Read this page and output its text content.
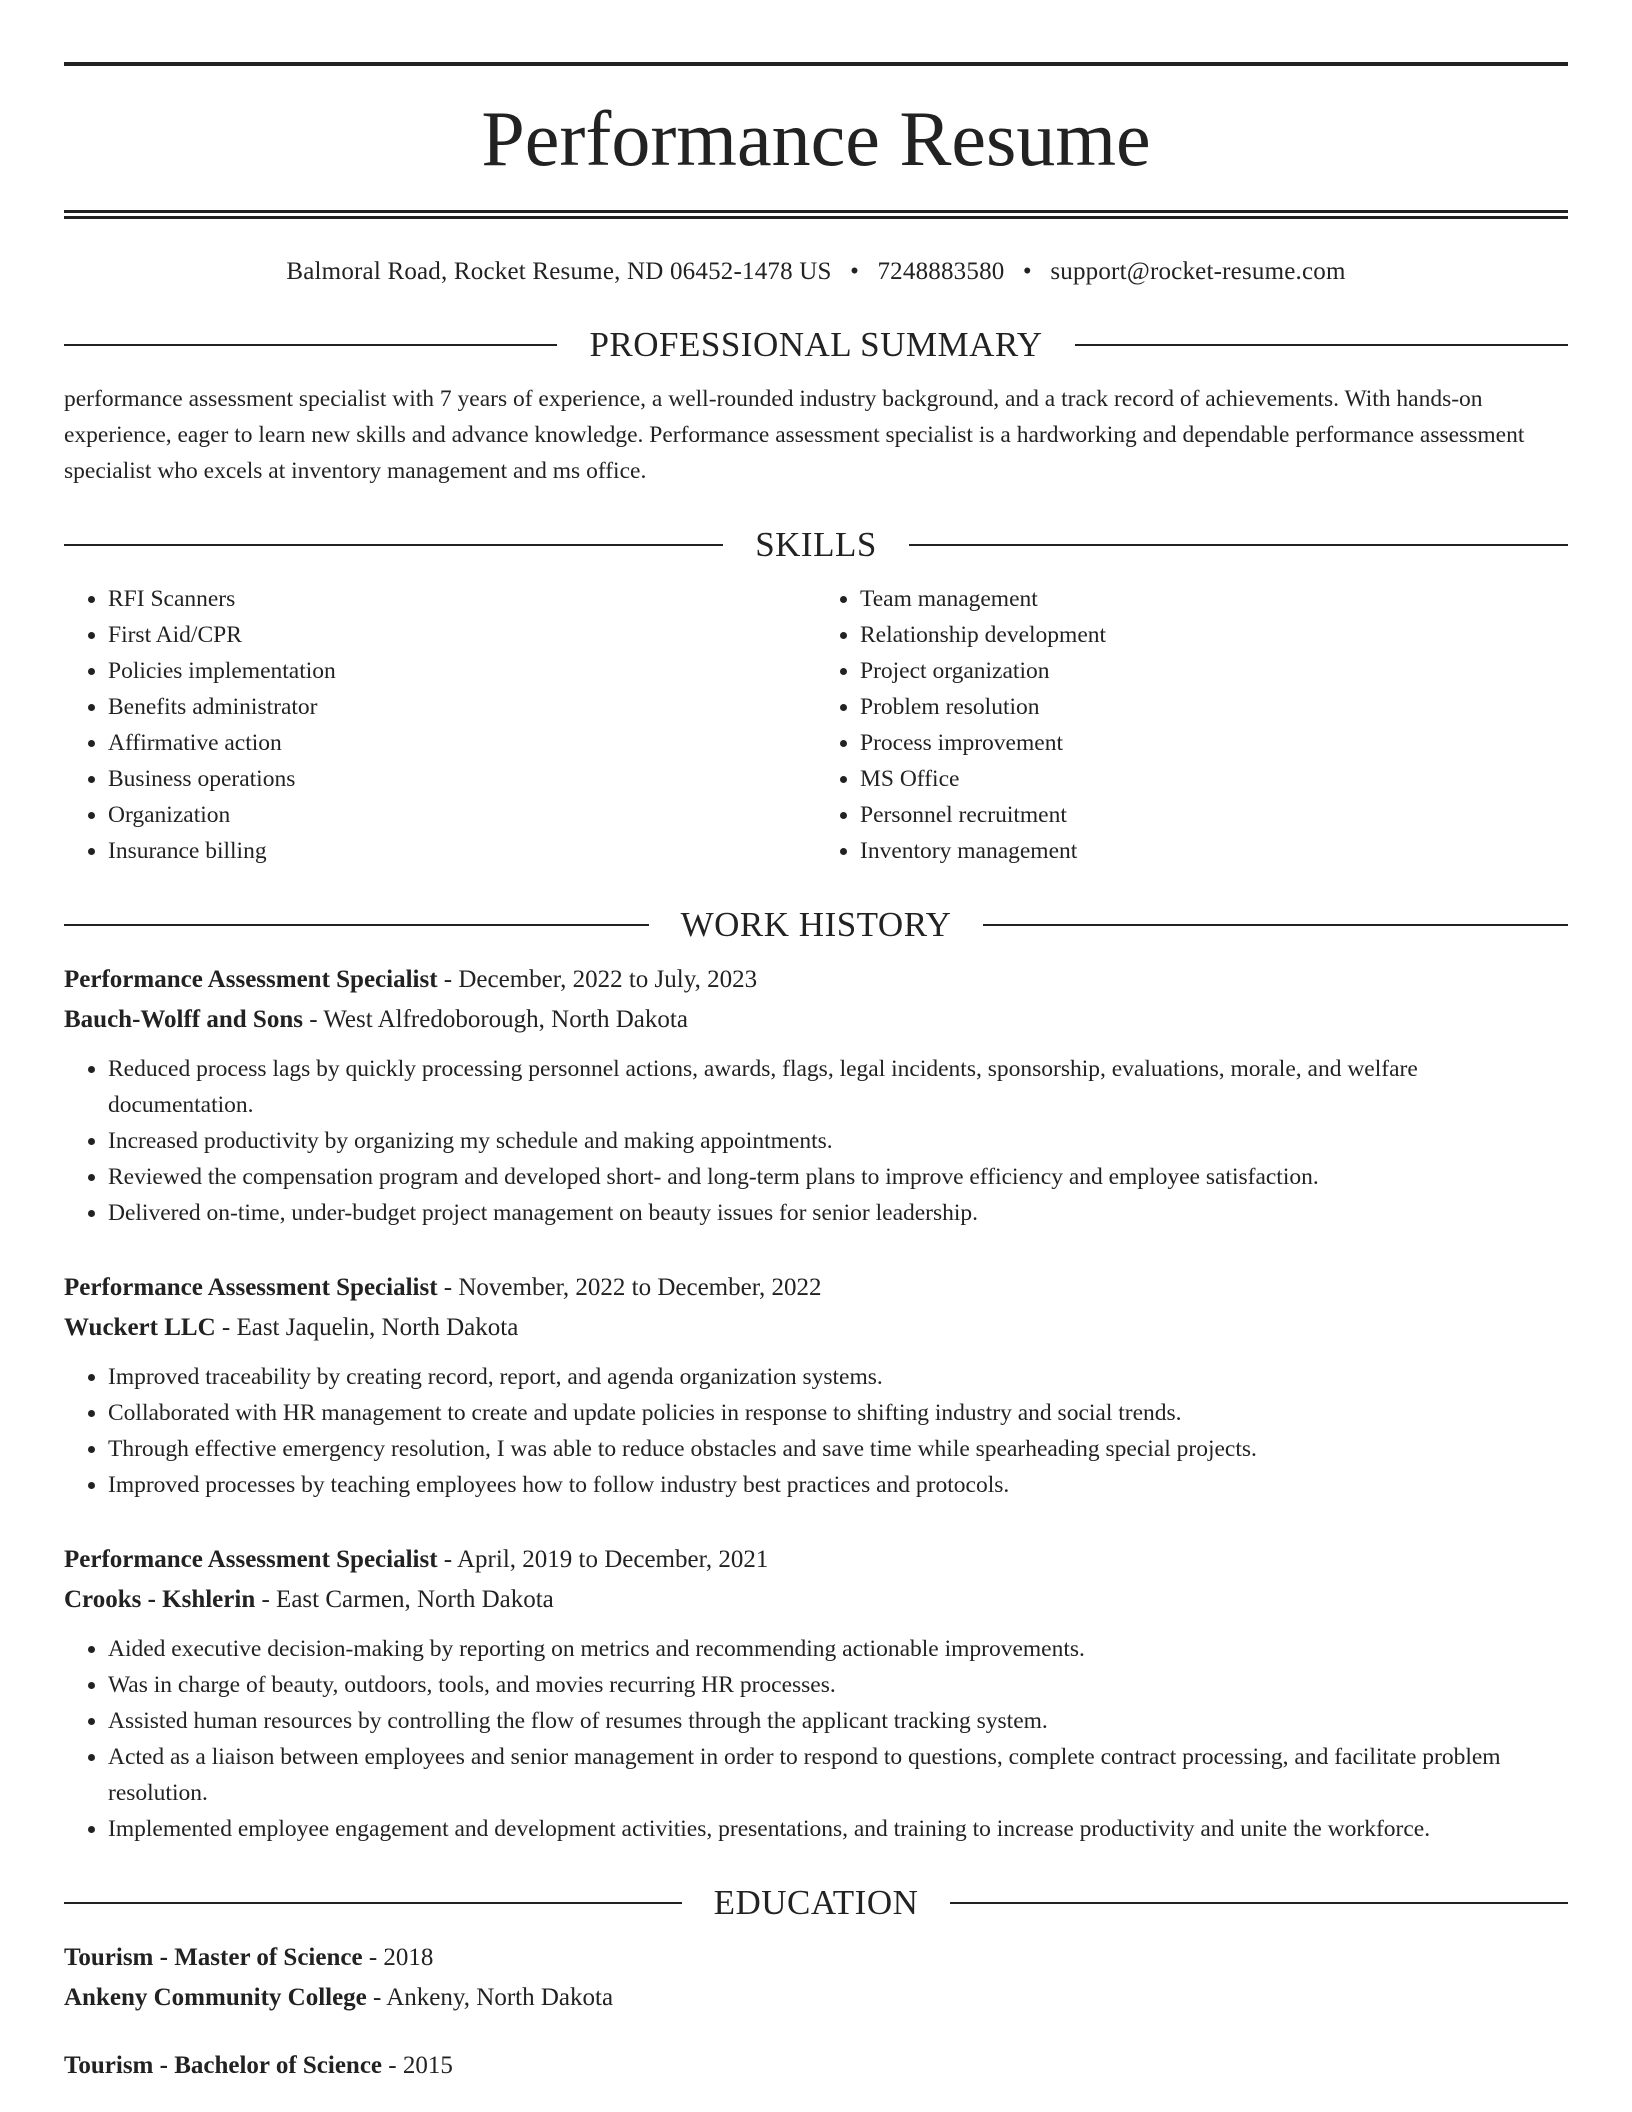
Performance Resume
Balmoral Road, Rocket Resume, ND 06452-1478 US • 7248883580 • support@rocket-resume.com
PROFESSIONAL SUMMARY

performance assessment specialist with 7 years of experience, a well-rounded industry background, and a track record of achievements. With hands-on experience, eager to learn new skills and advance knowledge. Performance assessment specialist is a hardworking and dependable performance assessment specialist who excels at inventory management and ms office.

SKILLS
• RFI Scanners
• First Aid/CPR
• Policies implementation
• Benefits administrator
• Affirmative action
• Business operations
• Organization
• Insurance billing
• Team management
• Relationship development
• Project organization
• Problem resolution
• Process improvement
• MS Office
• Personnel recruitment
• Inventory management
WORK HISTORY
Performance Assessment Specialist - December, 2022 to July, 2023
Bauch-Wolff and Sons - West Alfredoborough, North Dakota
• Reduced process lags by quickly processing personnel actions, awards, flags, legal incidents, sponsorship, evaluations, morale, and welfare documentation.
• Increased productivity by organizing my schedule and making appointments.
• Reviewed the compensation program and developed short- and long-term plans to improve efficiency and employee satisfaction.
• Delivered on-time, under-budget project management on beauty issues for senior leadership.
Performance Assessment Specialist - November, 2022 to December, 2022
Wuckert LLC - East Jaquelin, North Dakota
• Improved traceability by creating record, report, and agenda organization systems.
• Collaborated with HR management to create and update policies in response to shifting industry and social trends.
• Through effective emergency resolution, I was able to reduce obstacles and save time while spearheading special projects.
• Improved processes by teaching employees how to follow industry best practices and protocols.
Performance Assessment Specialist - April, 2019 to December, 2021
Crooks - Kshlerin - East Carmen, North Dakota
• Aided executive decision-making by reporting on metrics and recommending actionable improvements.
• Was in charge of beauty, outdoors, tools, and movies recurring HR processes.
• Assisted human resources by controlling the flow of resumes through the applicant tracking system.
• Acted as a liaison between employees and senior management in order to respond to questions, complete contract processing, and facilitate problem resolution.
• Implemented employee engagement and development activities, presentations, and training to increase productivity and unite the workforce.
EDUCATION
Tourism - Master of Science - 2018
Ankeny Community College - Ankeny, North Dakota
Tourism - Bachelor of Science - 2015
